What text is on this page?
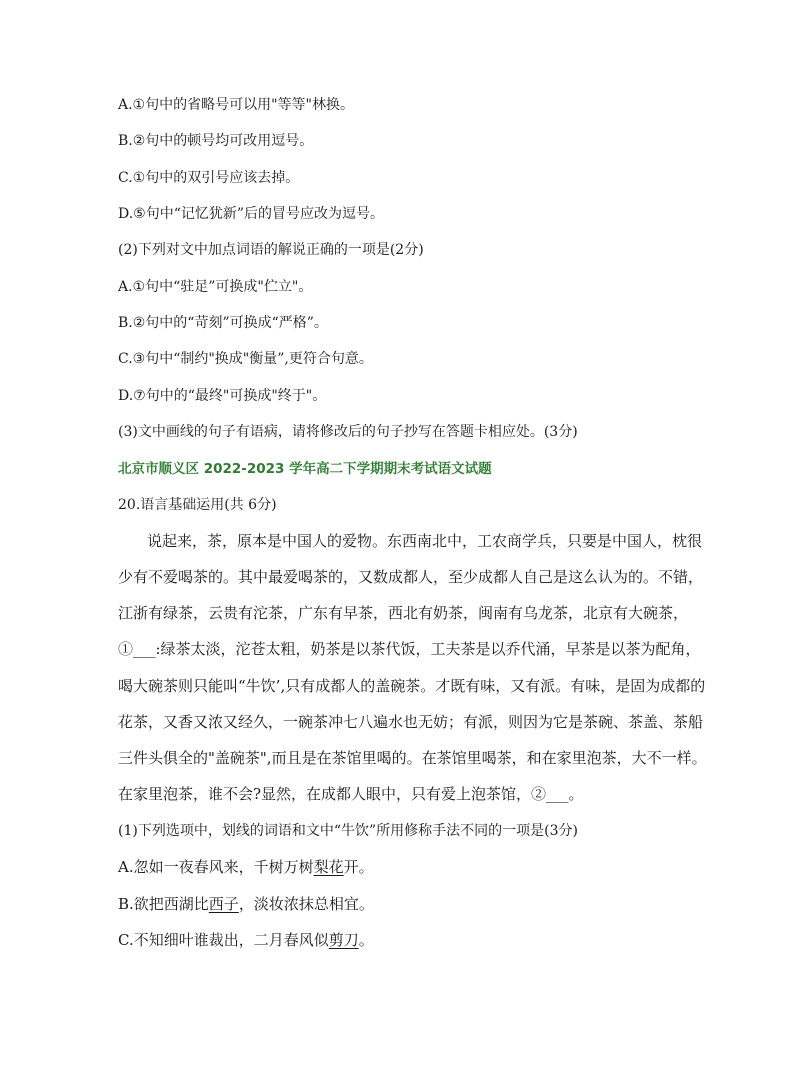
A.①句中的省略号可以用"等等"林换。
B.②句中的顿号均可改用逗号。
C.①句中的双引号应该去掉。
D.⑤句中“记忆犹新”后的冒号应改为逗号。
(2)下列对文中加点词语的解说正确的一项是(2分)
A.①句中“驻足”可换成"伫立"。
B.②句中的“苛刻”可换成“严格”。
C.③句中“制约"换成"衡量”,更符合句意。
D.⑦句中的“最终"可换成"终于"。
(3)文中画线的句子有语病，请将修改后的句子抄写在答题卡相应处。(3分)
北京市顺义区 2022-2023 学年高二下学期期末考试语文试题
20.语言基础运用(共 6分)
说起来，茶，原本是中国人的爱物。东西南北中，工农商学兵，只要是中国人，枕很
少有不爱喝茶的。其中最爱喝茶的，又数成都人，至少成都人自己是这么认为的。不错，
江浙有绿茶，云贵有沱茶，广东有早茶，西北有奶茶，闽南有乌龙茶，北京有大碗茶，
①___:绿茶太淡，沱苍太粗，奶茶是以茶代饭，工夫茶是以乔代涌，早茶是以茶为配角，
喝大碗茶则只能叫“牛饮’,只有成都人的盖碗茶。才既有味，又有派。有味，是固为成都的
花茶，又香又浓又经久，一碗茶冲七八遍水也无妨；有派，则因为它是茶碗、茶盖、茶船
三件头俱全的"盖碗茶",而且是在茶馆里喝的。在茶馆里喝茶，和在家里泡茶，大不一样。
在家里泡茶，谁不会?显然，在成都人眼中，只有爱上泡茶馆，②___。
(1)下列选项中，划线的词语和文中“牛饮”所用修称手法不同的一项是(3分)
A.忽如一夜春风来，千树万树梨花开。
B.欲把西湖比西子，淡妆浓抹总相宜。
C.不知细叶谁裁出，二月春风似剪刀。
